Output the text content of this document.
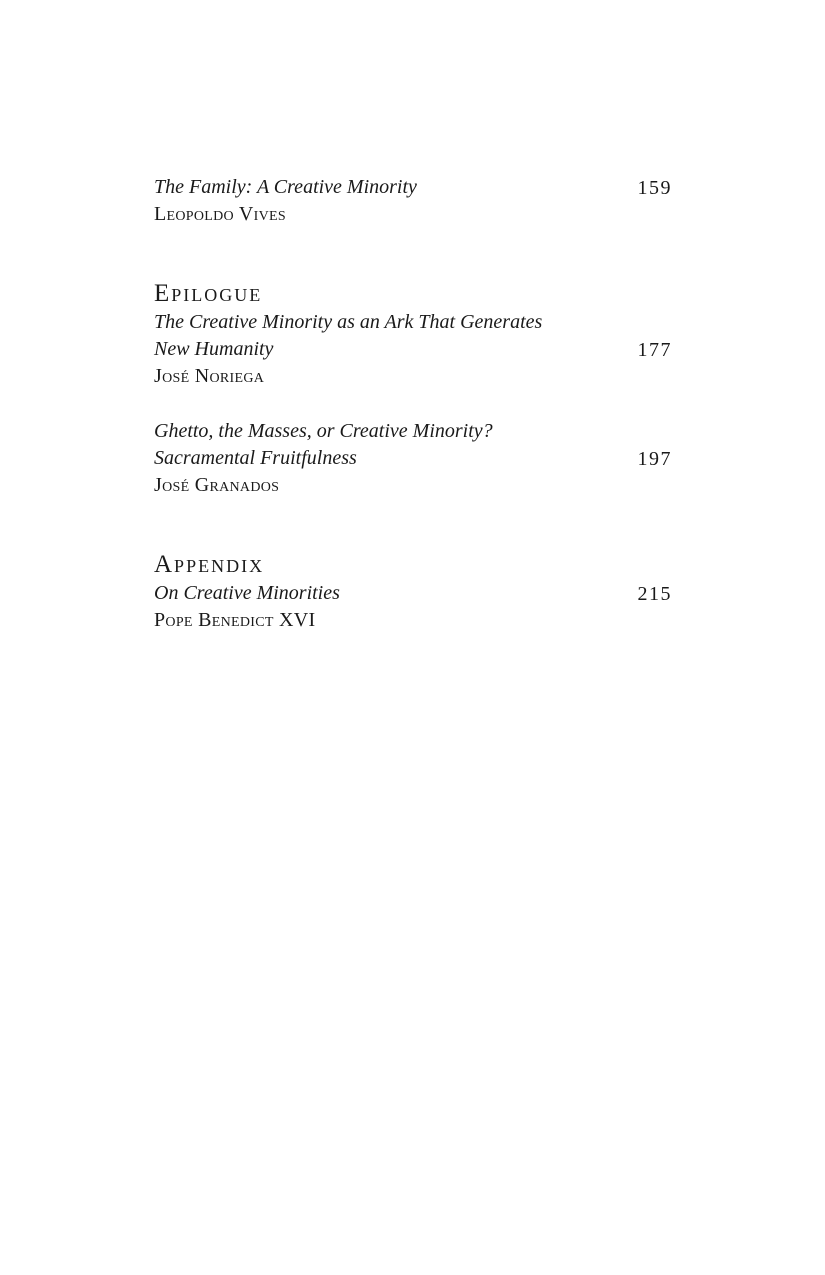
The Family: A Creative Minority	159
Leopoldo Vives
Epilogue
The Creative Minority as an Ark That Generates
New Humanity	177
José Noriega
Ghetto, the Masses, or Creative Minority?
Sacramental Fruitfulness	197
José Granados
Appendix
On Creative Minorities	215
Pope Benedict XVI
